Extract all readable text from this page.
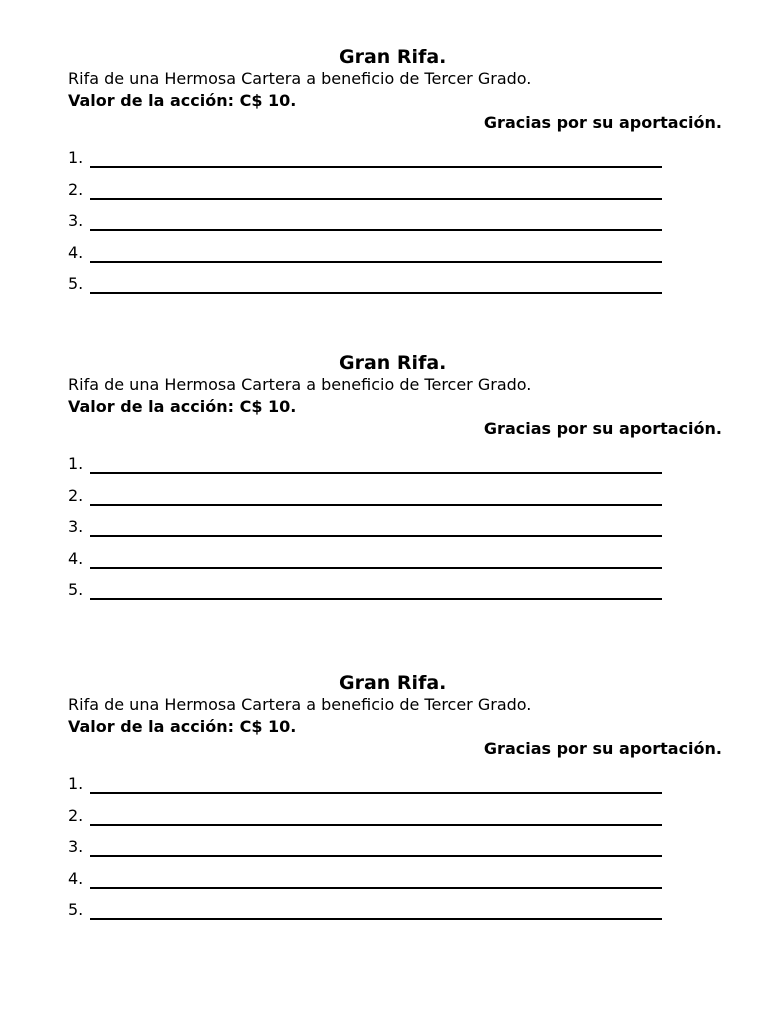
Gran Rifa.
Rifa de una Hermosa Cartera a beneficio de Tercer Grado.
Valor de la acción: C$ 10.
Gracias por su aportación.
1.
2.
3.
4.
5.
Gran Rifa.
Rifa de una Hermosa Cartera a beneficio de Tercer Grado.
Valor de la acción: C$ 10.
Gracias por su aportación.
1.
2.
3.
4.
5.
Gran Rifa.
Rifa de una Hermosa Cartera a beneficio de Tercer Grado.
Valor de la acción: C$ 10.
Gracias por su aportación.
1.
2.
3.
4.
5.
